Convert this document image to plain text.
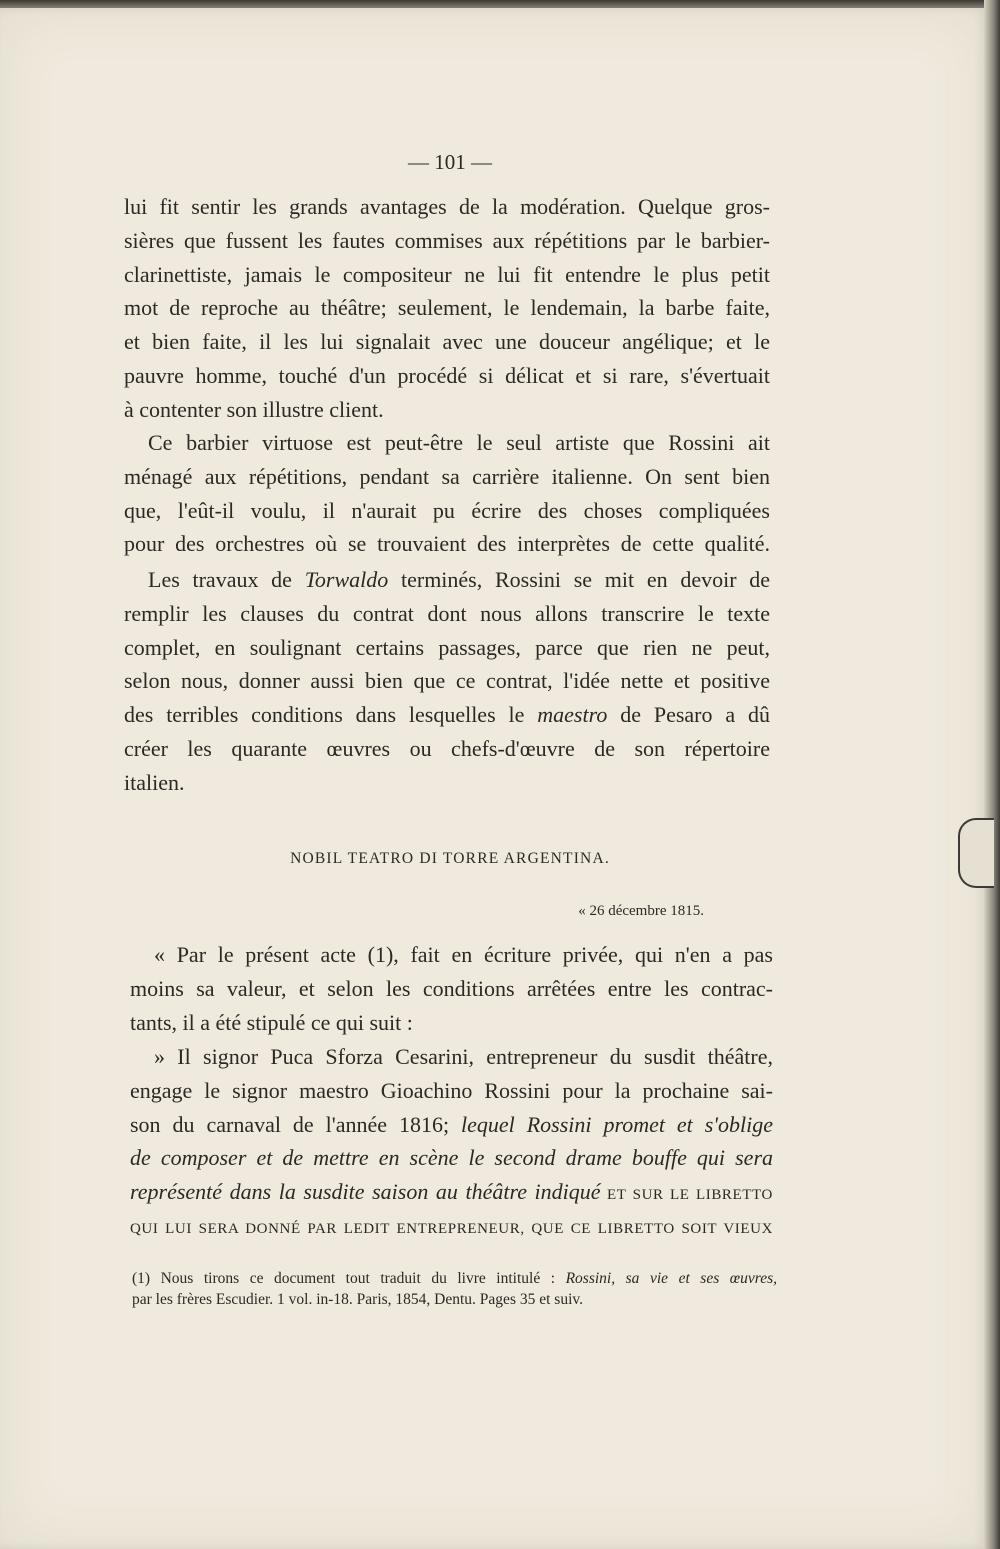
— 101 —

lui fit sentir les grands avantages de la modération. Quelque gros-
sières que fussent les fautes commises aux répétitions par le barbier-
clarinettiste, jamais le compositeur ne lui fit entendre le plus petit
mot de reproche au théâtre; seulement, le lendemain, la barbe faite,
et bien faite, il les lui signalait avec une douceur angélique; et le
pauvre homme, touché d'un procédé si délicat et si rare, s'évertuait
à contenter son illustre client.

Ce barbier virtuose est peut-être le seul artiste que Rossini ait
ménagé aux répétitions, pendant sa carrière italienne. On sent bien
que, l'eût-il voulu, il n'aurait pu écrire des choses compliquées
pour des orchestres où se trouvaient des interprètes de cette qualité.

Les travaux de Torwaldo terminés, Rossini se mit en devoir de
remplir les clauses du contrat dont nous allons transcrire le texte
complet, en soulignant certains passages, parce que rien ne peut,
selon nous, donner aussi bien que ce contrat, l'idée nette et positive
des terribles conditions dans lesquelles le maestro de Pesaro a dû
créer les quarante œuvres ou chefs-d'œuvre de son répertoire
italien.

NOBIL TEATRO DI TORRE ARGENTINA.
« 26 décembre 1815.

« Par le présent acte (1), fait en écriture privée, qui n'en a pas
moins sa valeur, et selon les conditions arrêtées entre les contrac-
tants, il a été stipulé ce qui suit :

» Il signor Puca Sforza Cesarini, entrepreneur du susdit théâtre,
engage le signor maestro Gioachino Rossini pour la prochaine sai-
son du carnaval de l'année 1816; lequel Rossini promet et s'oblige
de composer et de mettre en scène le second drame bouffe qui sera
représenté dans la susdite saison au théâtre indiqué ET SUR LE LIBRETTO
QUI LUI SERA DONNÉ PAR LEDIT ENTREPRENEUR, QUE CE LIBRETTO SOIT VIEUX

(1) Nous tirons ce document tout traduit du livre intitulé : Rossini, sa vie et ses œuvres,
par les frères Escudier. 1 vol. in-18. Paris, 1854, Dentu. Pages 35 et suiv.
